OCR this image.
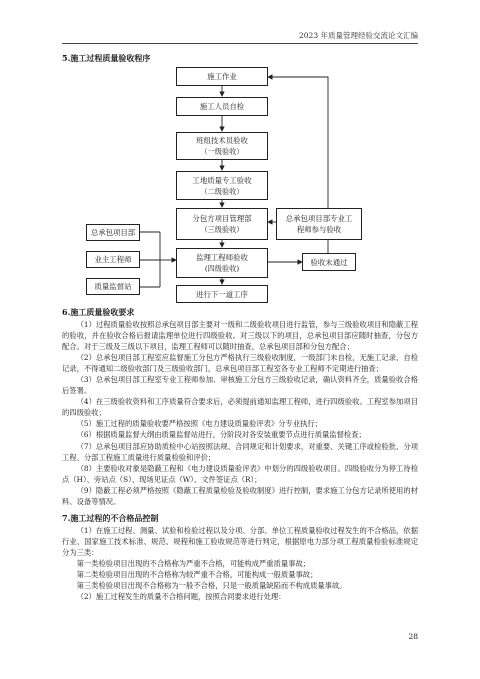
2023 年质量管理经验交流论文汇编
5.施工过程质量验收程序
施工作业
施工人员自检
班组技术员验收
（一级验收）
工地质量专工验收
（二级验收）
分包方项目管理部
（三级验收）
总承包项目部专业工
程师参与验收
监理工程师验收
(四级验收)
验收未通过
进行下一道工序
总承包项目部
业主工程师
质量监督站
6.施工质量验收要求

（1）过程质量验收按照总承包项目部主要对一级和二级验收项目进行监管，参与三级验收项目和隐蔽工程的验收，并在验收合格后报请监理单位进行四级验收。对三级以下的项目，总承包项目部应随时抽查，分包方配合。对于三级及三级以下项目，监理工程师可以随时抽查，总承包项目部和分包方配合；

（2）总承包项目部工程室应监督施工分包方严格执行三级验收制度，一级部门未自检，无施工记录、自检记录，不得通知二级验收部门及三级验收部门，总承包项目部工程室各专业工程师不定期进行抽查；

（3）总承包项目部工程室专业工程师参加、审核施工分包方三级验收记录，确认资料齐全，质量验收合格后签署。

（4）在三级验收资料和工序质量符合要求后，必须提前通知监理工程师，进行四级验收。工程室参加项目的四级验收；

（5）施工过程的质量验收要严格按照《电力建设质量验评表》分专业执行；

（6）根据质量监督大纲由质量监督站进行，分阶段对各安装重要节点进行质量监督检查；

（7）总承包项目部应协助质检中心站按照法规、合同规定和计划要求，对重要、关键工序或检验批、分项工程、分部工程施工质量进行质量检验和评价；

（8）主要验收对象是隐蔽工程和《电力建设质量验评表》中划分的四级验收项目。四级验收分为停工待检点（H）、旁站点（S）、现场见证点（W）、文件签证点（R）；

（9）隐蔽工程必须严格按照《隐蔽工程质量检验及验收制度》进行控制，要求施工分包方记录所使用的材料、设备等情况。

7.施工过程的不合格品控制

（1）在施工过程、测量、试验和检验过程以及分项、分部、单位工程质量验收过程发生的不合格品，依据行业、国家施工技术标准、规范、规程和施工验收规范等进行判定，根据原电力部分项工程质量检验标准规定分为三类：

第一类检验项目出现的不合格称为严重不合格，可能构成严重质量事故；

第二类检验项目出现的不合格称为较严重不合格，可能构成一般质量事故；

第三类检验项目出现不合格称为一般不合格，只是一般质量缺陷而不构成质量事故。

（2）施工过程发生的质量不合格问题，按照合同要求进行处理：

28
